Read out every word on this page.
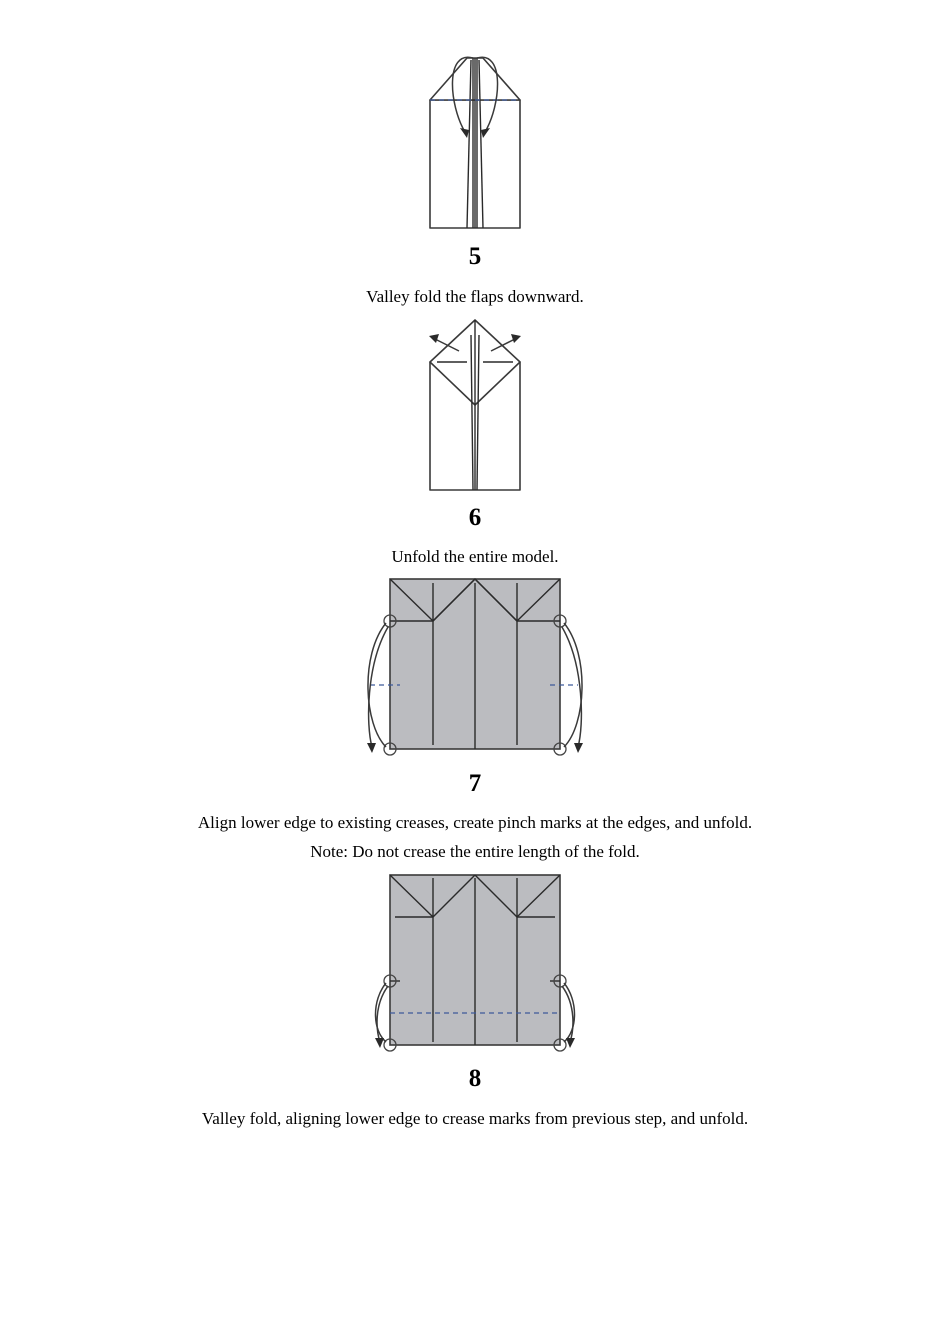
5
Valley fold the flaps downward.
6
Unfold the entire model.
7
Align lower edge to existing creases, create pinch marks at the edges, and unfold.
Note: Do not crease the entire length of the fold.
8
Valley fold, aligning lower edge to crease marks from previous step, and unfold.
